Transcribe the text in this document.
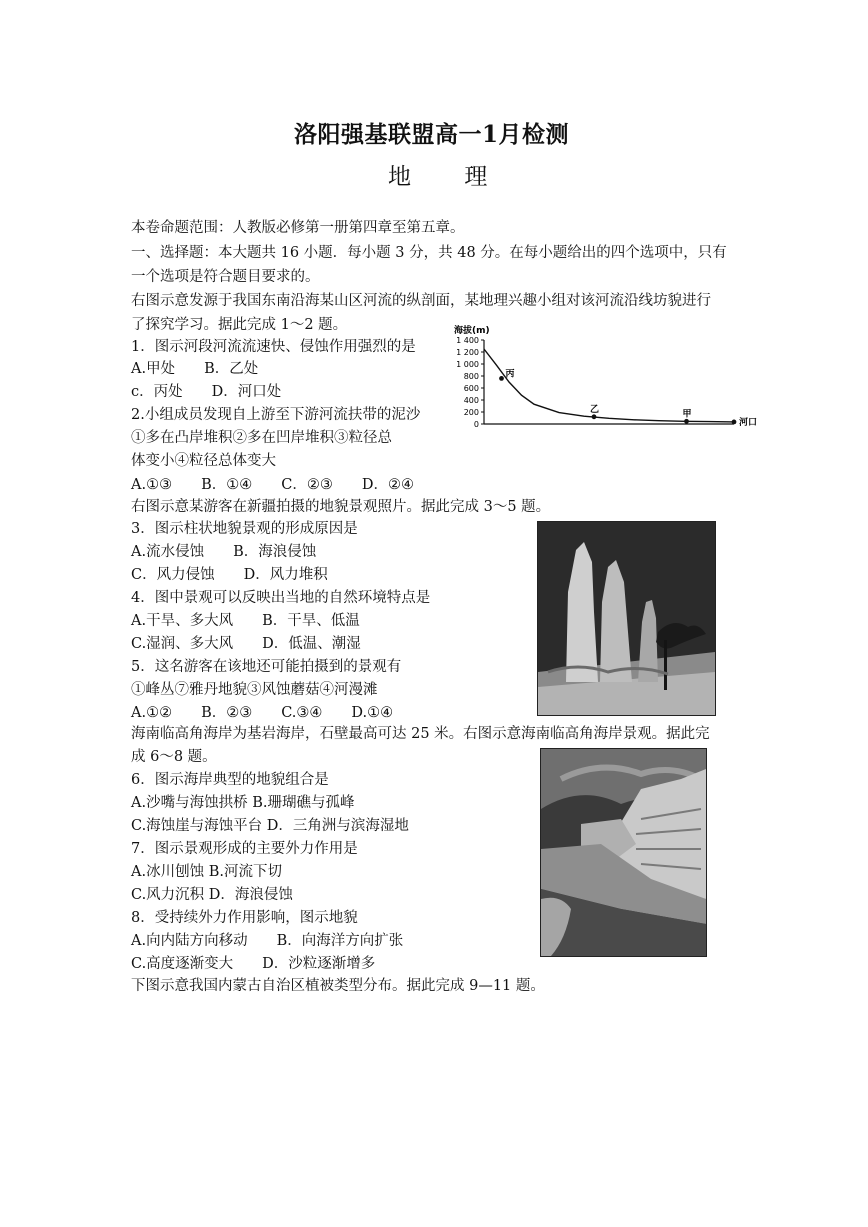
洛阳强基联盟高一1月检测
地 理
本卷命题范围：人教版必修第一册第四章至第五章。
一、选择题：本大题共 16 小题．每小题 3 分，共 48 分。在每小题给出的四个选项中，只有
一个选项是符合题目要求的。
右图示意发源于我国东南沿海某山区河流的纵剖面，某地理兴趣小组对该河流沿线坊貌进行
了探究学习。据此完成 1～2 题。
1．图示河段河流流速快、侵蚀作用强烈的是
A.甲处　　B．乙处
c．丙处　　D．河口处
2.小组成员发现自上游至下游河流扶带的泥沙
①多在凸岸堆积②多在凹岸堆积③粒径总
体变小④粒径总体变大
A.①③　　B．①④　　C．②③　　D．②④
海拔(m)
0
200
400
600
800
1 000
1 200
1 400
丙
乙	甲
河口
右图示意某游客在新疆拍摄的地貌景观照片。据此完成 3～5 题。
3．图示柱状地貌景观的形成原因是
A.流水侵蚀　　B．海浪侵蚀
C．风力侵蚀　　D．风力堆积
4．图中景观可以反映出当地的自然环境特点是
A.干旱、多大风　　B．干旱、低温
C.湿润、多大风　　D．低温、潮湿
5．这名游客在该地还可能拍摄到的景观有
①峰丛⑦雅丹地貌③风蚀蘑菇④河漫滩
A.①②　　B．②③　　C.③④　　D.①④
海南临高角海岸为基岩海岸，石壁最高可达 25 米。右图示意海南临高角海岸景观。据此完
成 6～8 题。
6．图示海岸典型的地貌组合是
A.沙嘴与海蚀拱桥 B.珊瑚礁与孤峰
C.海蚀崖与海蚀平台 D．三角洲与滨海湿地
7．图示景观形成的主要外力作用是
A.冰川刨蚀 B.河流下切
C.风力沉积 D．海浪侵蚀
8．受持续外力作用影响，图示地貌
A.向内陆方向移动　　B．向海洋方向扩张
C.高度逐渐变大　　D．沙粒逐渐增多
下图示意我国内蒙古自治区植被类型分布。据此完成 9—11 题。
